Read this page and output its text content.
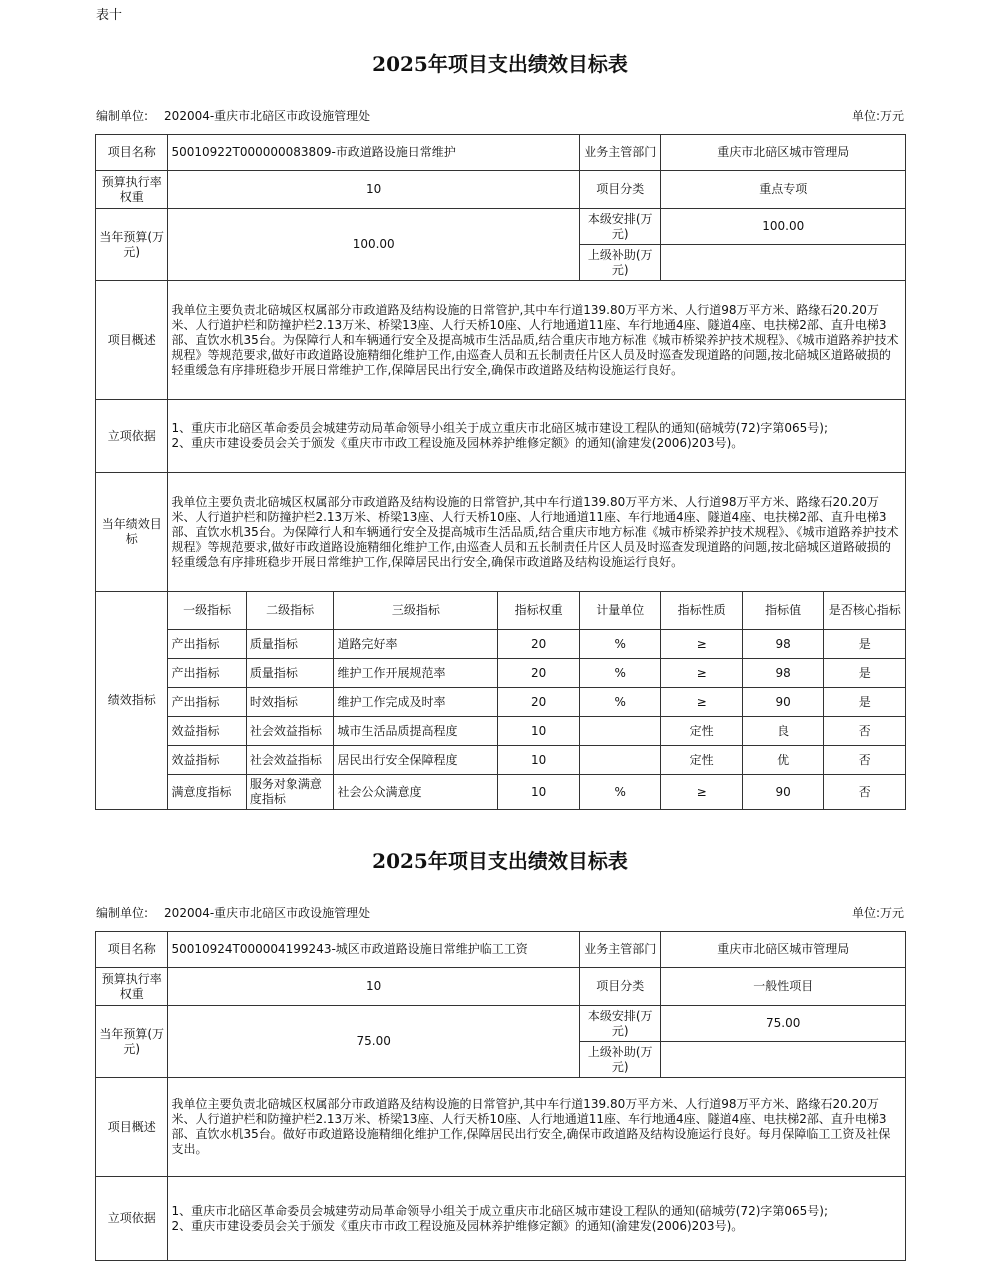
表十
2025年项目支出绩效目标表
编制单位: 202004-重庆市北碚区市政设施管理处	单位:万元
项目名称	50010922T000000083809-市政道路设施日常维护				业务主管部门	重庆市北碚区城市管理局		
预算执行率权重	10				项目分类	重点专项		
当年预算(万元)	100.00				本级安排(万元)	100.00		
					上级补助(万元)			
项目概述	我单位主要负责北碚城区权属部分市政道路及结构设施的日常管护,其中车行道139.80万平方米、人行道98万平方米、路缘石20.20万米、人行道护栏和防撞护栏2.13万米、桥梁13座、人行天桥10座、人行地通道11座、车行地通4座、隧道4座、电扶梯2部、直升电梯3部、直饮水机35台。为保障行人和车辆通行安全及提高城市生活品质,结合重庆市地方标准《城市桥梁养护技术规程》、《城市道路养护技术规程》等规范要求,做好市政道路设施精细化维护工作,由巡查人员和五长制责任片区人员及时巡查发现道路的问题,按北碚城区道路破损的轻重缓急有序排班稳步开展日常维护工作,保障居民出行安全,确保市政道路及结构设施运行良好。							
立项依据	1、重庆市北碚区革命委员会城建劳动局革命领导小组关于成立重庆市北碚区城市建设工程队的通知(碚城劳(72)字第065号);
2、重庆市建设委员会关于颁发《重庆市市政工程设施及园林养护维修定额》的通知(渝建发(2006)203号)。							

当年绩效目标	我单位主要负责北碚城区权属部分市政道路及结构设施的日常管护,其中车行道139.80万平方米、人行道98万平方米、路缘石20.20万米、人行道护栏和防撞护栏2.13万米、桥梁13座、人行天桥10座、人行地通道11座、车行地通4座、隧道4座、电扶梯2部、直升电梯3部、直饮水机35台。为保障行人和车辆通行安全及提高城市生活品质,结合重庆市地方标准《城市桥梁养护技术规程》、《城市道路养护技术规程》等规范要求,做好市政道路设施精细化维护工作,由巡查人员和五长制责任片区人员及时巡查发现道路的问题,按北碚城区道路破损的轻重缓急有序排班稳步开展日常维护工作,保障居民出行安全,确保市政道路及结构设施运行良好。							
绩效指标	一级指标	二级指标	三级指标	指标权重	计量单位	指标性质	指标值	是否核心指标
	产出指标	质量指标	道路完好率	20	%	≥	98	是
	产出指标	质量指标	维护工作开展规范率	20	%	≥	98	是
	产出指标	时效指标	维护工作完成及时率	20	%	≥	90	是
	效益指标	社会效益指标	城市生活品质提高程度	10		定性	良	否
	效益指标	社会效益指标	居民出行安全保障程度	10		定性	优	否
	满意度指标	服务对象满意度指标	社会公众满意度	10	%	≥	90	否
2025年项目支出绩效目标表
编制单位: 202004-重庆市北碚区市政设施管理处	单位:万元
项目名称	50010924T000004199243-城区市政道路设施日常维护临工工资	业务主管部门	重庆市北碚区城市管理局
预算执行率权重	10	项目分类	一般性项目
当年预算(万元)	75.00	本级安排(万元)	75.00
		上级补助(万元)	
项目概述	我单位主要负责北碚城区权属部分市政道路及结构设施的日常管护,其中车行道139.80万平方米、人行道98万平方米、路缘石20.20万米、人行道护栏和防撞护栏2.13万米、桥梁13座、人行天桥10座、人行地通道11座、车行地通4座、隧道4座、电扶梯2部、直升电梯3部、直饮水机35台。做好市政道路设施精细化维护工作,保障居民出行安全,确保市政道路及结构设施运行良好。每月保障临工工资及社保支出。		
立项依据	1、重庆市北碚区革命委员会城建劳动局革命领导小组关于成立重庆市北碚区城市建设工程队的通知(碚城劳(72)字第065号);
2、重庆市建设委员会关于颁发《重庆市市政工程设施及园林养护维修定额》的通知(渝建发(2006)203号)。		
